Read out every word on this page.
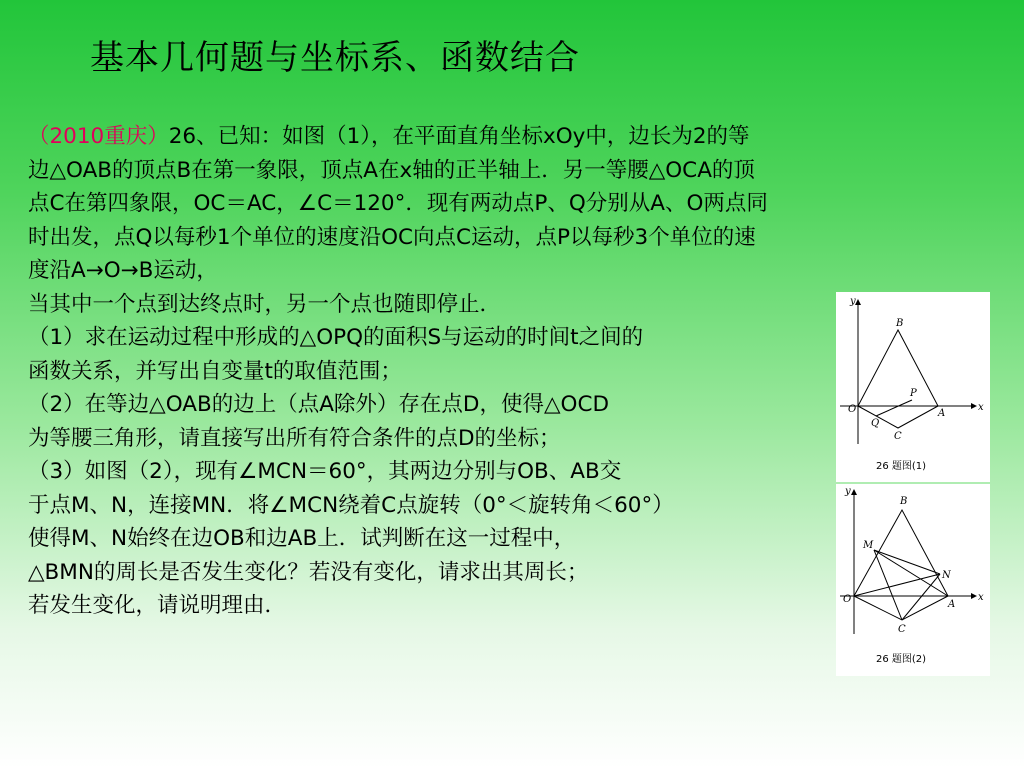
基本几何题与坐标系、函数结合
（2010重庆）26、已知：如图（1），在平面直角坐标xOy中，边长为2的等
边△OAB的顶点B在第一象限，顶点A在x轴的正半轴上．另一等腰△OCA的顶
点C在第四象限，OC＝AC，∠C＝120°．现有两动点P、Q分别从A、O两点同
时出发，点Q以每秒1个单位的速度沿OC向点C运动，点P以每秒3个单位的速
度沿A→O→B运动，
当其中一个点到达终点时，另一个点也随即停止．
（1）求在运动过程中形成的△OPQ的面积S与运动的时间t之间的
函数关系，并写出自变量t的取值范围；
（2）在等边△OAB的边上（点A除外）存在点D，使得△OCD
为等腰三角形，请直接写出所有符合条件的点D的坐标；
（3）如图（2），现有∠MCN＝60°，其两边分别与OB、AB交
于点M、N，连接MN．将∠MCN绕着C点旋转（0°＜旋转角＜60°）
使得M、N始终在边OB和边AB上．试判断在这一过程中，
△BMN的周长是否发生变化？若没有变化，请求出其周长；
若发生变化，请说明理由．
y
x
O	A
B
C
P
Q
26 题图(1)
y
x
O	A
B
C
M
N
26 题图(2)
